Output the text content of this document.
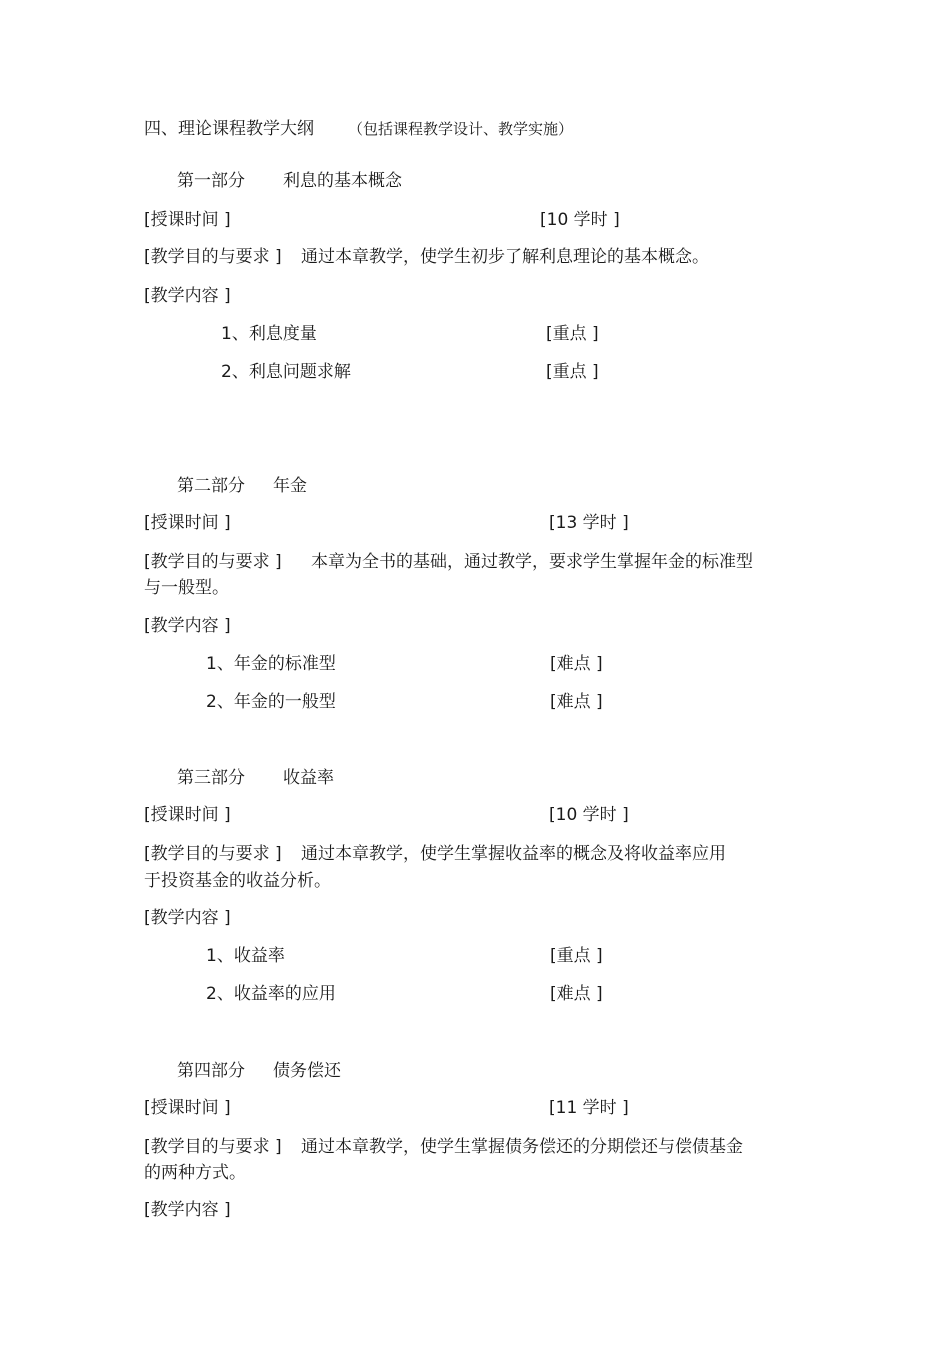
四、理论课程教学大纲 （包括课程教学设计、教学实施）
第一部分 利息的基本概念
[授课时间 ]	[10 学时 ]
[教学目的与要求 ] 通过本章教学，使学生初步了解利息理论的基本概念。
[教学内容 ]
1、利息度量	[重点 ]
2、利息问题求解	[重点 ]
第二部分 年金
[授课时间 ]	[13 学时 ]
[教学目的与要求 ] 本章为全书的基础，通过教学，要求学生掌握年金的标准型
与一般型。
[教学内容 ]
1、年金的标准型	[难点 ]
2、年金的一般型	[难点 ]
第三部分 收益率
[授课时间 ]	[10 学时 ]
[教学目的与要求 ] 通过本章教学，使学生掌握收益率的概念及将收益率应用
于投资基金的收益分析。
[教学内容 ]
1、收益率	[重点 ]
2、收益率的应用	[难点 ]
第四部分 债务偿还
[授课时间 ]	[11 学时 ]
[教学目的与要求 ] 通过本章教学，使学生掌握债务偿还的分期偿还与偿债基金
的两种方式。
[教学内容 ]
